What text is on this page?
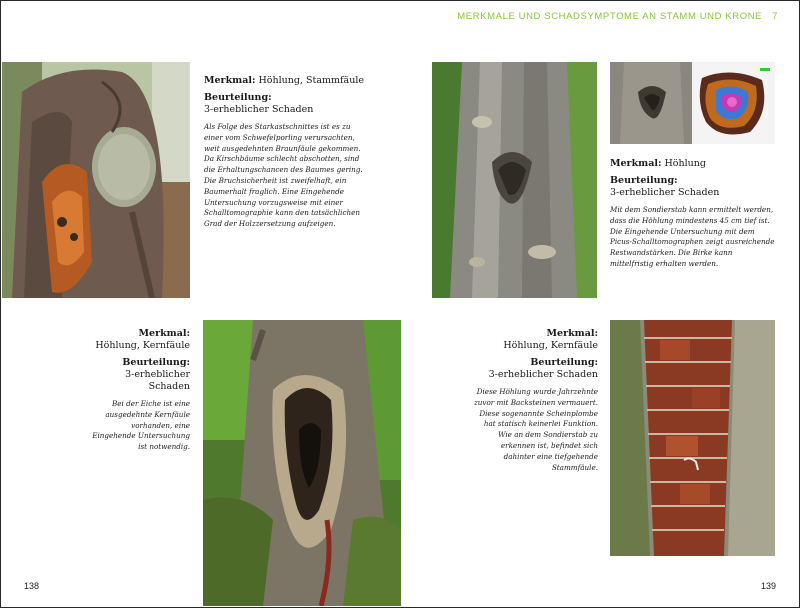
MERKMALE UND SCHADSYMPTOME AN STAMM UND KRONE 7

Merkmal: Höhlung, Stammfäule

Beurteilung:

3-erheblicher Schaden

Als Folge des Starkastschnittes ist es zu einer vom Schwefelporling verursachten, weit ausgedehnten Braunfäule gekommen. Da Kirschbäume schlecht abschotten, sind die Erhaltungschancen des Baumes gering. Die Bruchsicherheit ist zweifelhaft, ein Baumerhalt fraglich. Eine Eingehende Untersuchung vorzugsweise mit einer Schalltomographie kann den tatsächlichen Grad der Holzzersetzung aufzeigen.

Merkmal: Höhlung

Beurteilung:

3-erheblicher Schaden

Mit dem Sondierstab kann ermittelt werden, dass die Höhlung mindestens 45 cm tief ist. Die Eingehende Untersuchung mit dem Picus-Schalltomographen zeigt ausreichende Restwandstärken. Die Birke kann mittelfristig erhalten werden.

Merkmal:

Höhlung, Kernfäule

Beurteilung:

3-erheblicher Schaden

Bei der Eiche ist eine ausgedehnte Kernfäule vorhanden, eine Eingehende Untersuchung ist notwendig.

Merkmal:

Höhlung, Kernfäule

Beurteilung:

3-erheblicher Schaden

Diese Höhlung wurde Jahrzehnte zuvor mit Backsteinen vermauert. Diese sogenannte Scheinplombe hat statisch keinerlei Funktion. Wie an dem Sondierstab zu erkennen ist, befindet sich dahinter eine tiefgehende Stammfäule.

138	139
